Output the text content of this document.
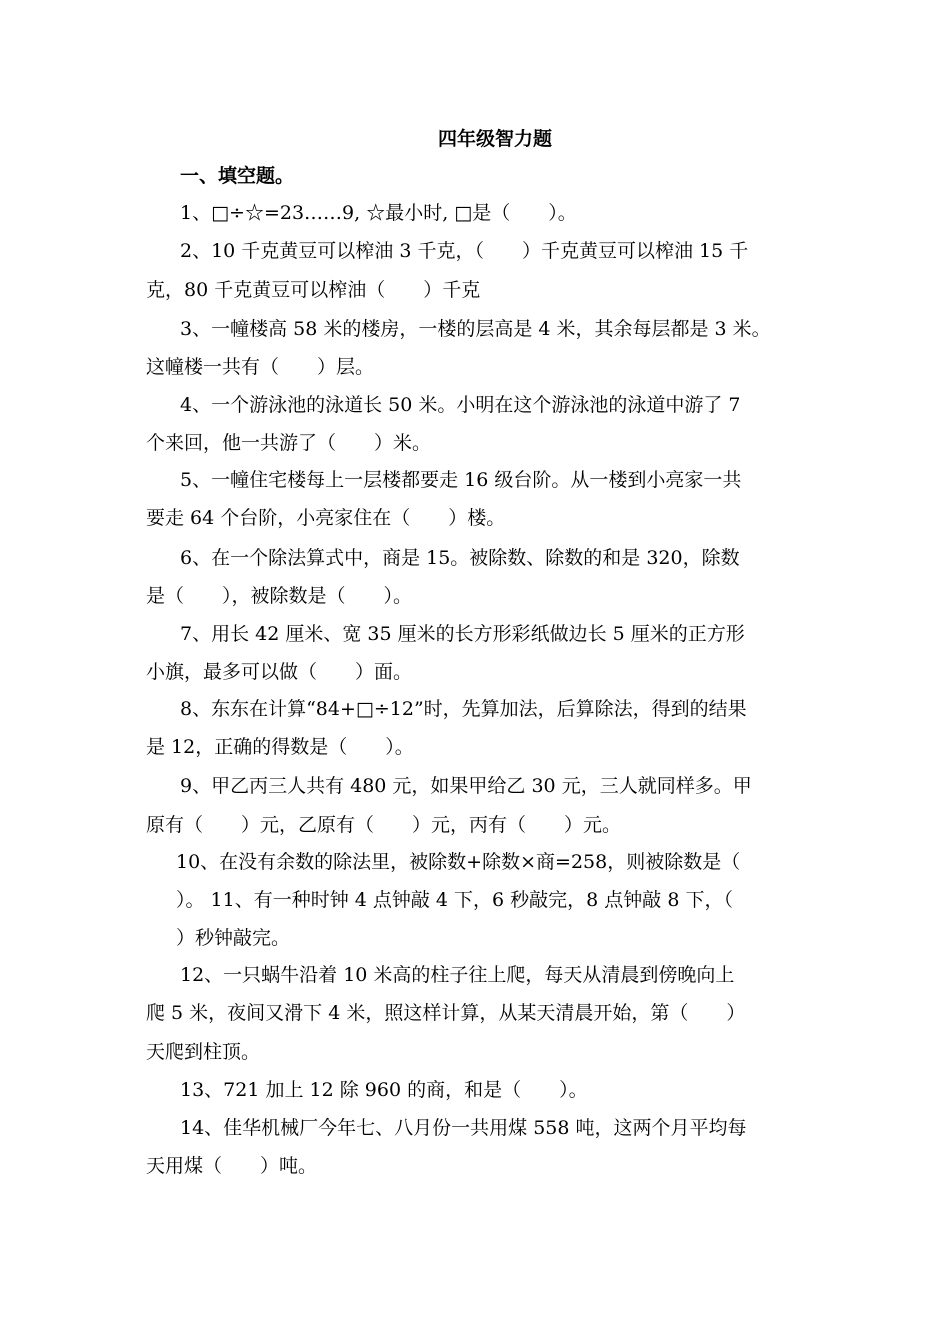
四年级智力题
一、填空题。
1、□÷☆=23……9, ☆最小时, □是（　　）。
2、10 千克黄豆可以榨油 3 千克，（　　）千克黄豆可以榨油 15 千
克，80 千克黄豆可以榨油（　　）千克
3、一幢楼高 58 米的楼房，一楼的层高是 4 米，其余每层都是 3 米。
这幢楼一共有（　　）层。
4、一个游泳池的泳道长 50 米。小明在这个游泳池的泳道中游了 7
个来回，他一共游了（　　）米。
5、一幢住宅楼每上一层楼都要走 16 级台阶。从一楼到小亮家一共
要走 64 个台阶，小亮家住在（　　）楼。
6、在一个除法算式中，商是 15。被除数、除数的和是 320，除数
是（　　），被除数是（　　）。
7、用长 42 厘米、宽 35 厘米的长方形彩纸做边长 5 厘米的正方形
小旗，最多可以做（　　）面。
8、东东在计算“84+□÷12”时，先算加法，后算除法，得到的结果
是 12，正确的得数是（　　）。
9、甲乙丙三人共有 480 元，如果甲给乙 30 元，三人就同样多。甲
原有（　　）元，乙原有（　　）元，丙有（　　）元。
10、在没有余数的除法里，被除数+除数×商=258，则被除数是（
）。 11、有一种时钟 4 点钟敲 4 下，6 秒敲完，8 点钟敲 8 下，（
）秒钟敲完。
12、一只蜗牛沿着 10 米高的柱子往上爬，每天从清晨到傍晚向上
爬 5 米，夜间又滑下 4 米，照这样计算，从某天清晨开始，第（　　）
天爬到柱顶。
13、721 加上 12 除 960 的商，和是（　　）。
14、佳华机械厂今年七、八月份一共用煤 558 吨，这两个月平均每
天用煤（　　）吨。
